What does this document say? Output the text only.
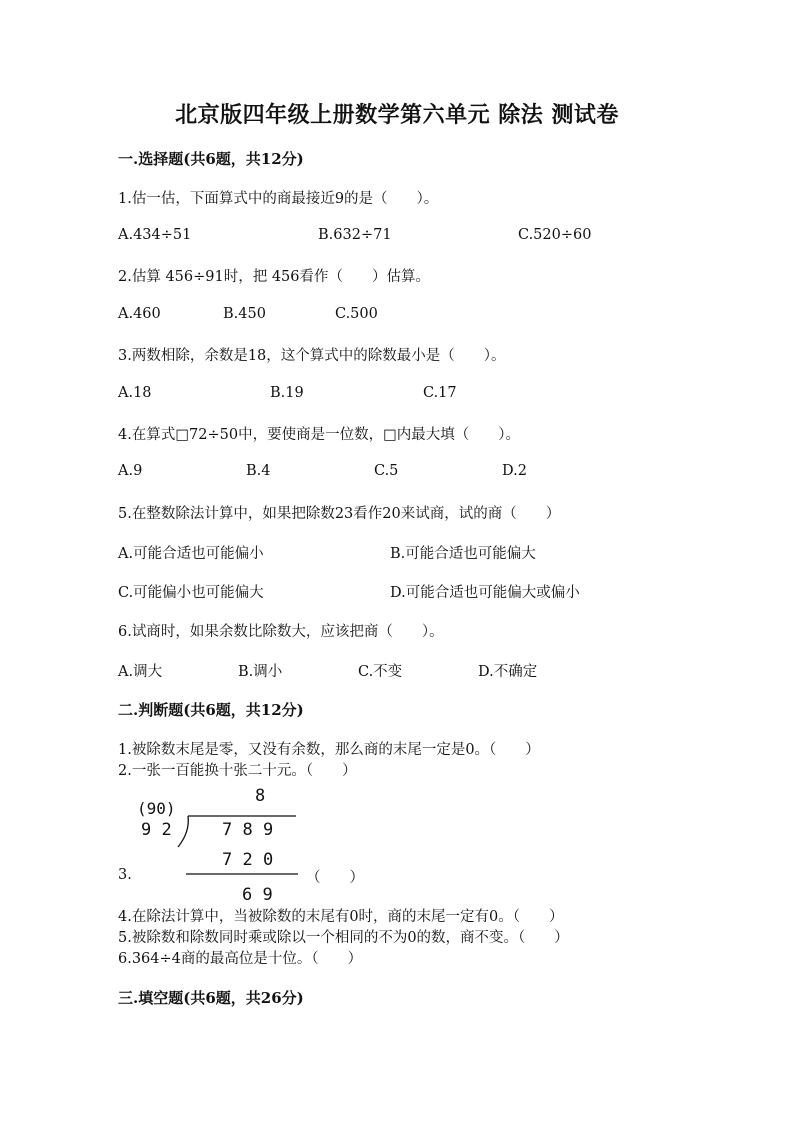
北京版四年级上册数学第六单元 除法 测试卷
一.选择题(共6题，共12分)
1.估一估，下面算式中的商最接近9的是（　　）。
A.434÷51	B.632÷71	C.520÷60
2.估算 456÷91时，把 456看作（　　）估算。
A.460	B.450	C.500
3.两数相除，余数是18，这个算式中的除数最小是（　　）。
A.18	B.19	C.17
4.在算式□72÷50中，要使商是一位数，□内最大填（　　）。
A.9	B.4	C.5	D.2
5.在整数除法计算中，如果把除数23看作20来试商，试的商（　　）
A.可能合适也可能偏小	B.可能合适也可能偏大
C.可能偏小也可能偏大	D.可能合适也可能偏大或偏小
6.试商时，如果余数比除数大，应该把商（　　）。
A.调大	B.调小	C.不变	D.不确定
二.判断题(共6题，共12分)
1.被除数末尾是零，又没有余数，那么商的末尾一定是0。（　　）
2.一张一百能换十张二十元。（　　）
8
(90)
9 2	7 8 9
7 2 0
6 9
3.	（　　）
4.在除法计算中，当被除数的末尾有0时，商的末尾一定有0。（　　）
5.被除数和除数同时乘或除以一个相同的不为0的数，商不变。（　　）
6.364÷4商的最高位是十位。（　　）
三.填空题(共6题，共26分)
